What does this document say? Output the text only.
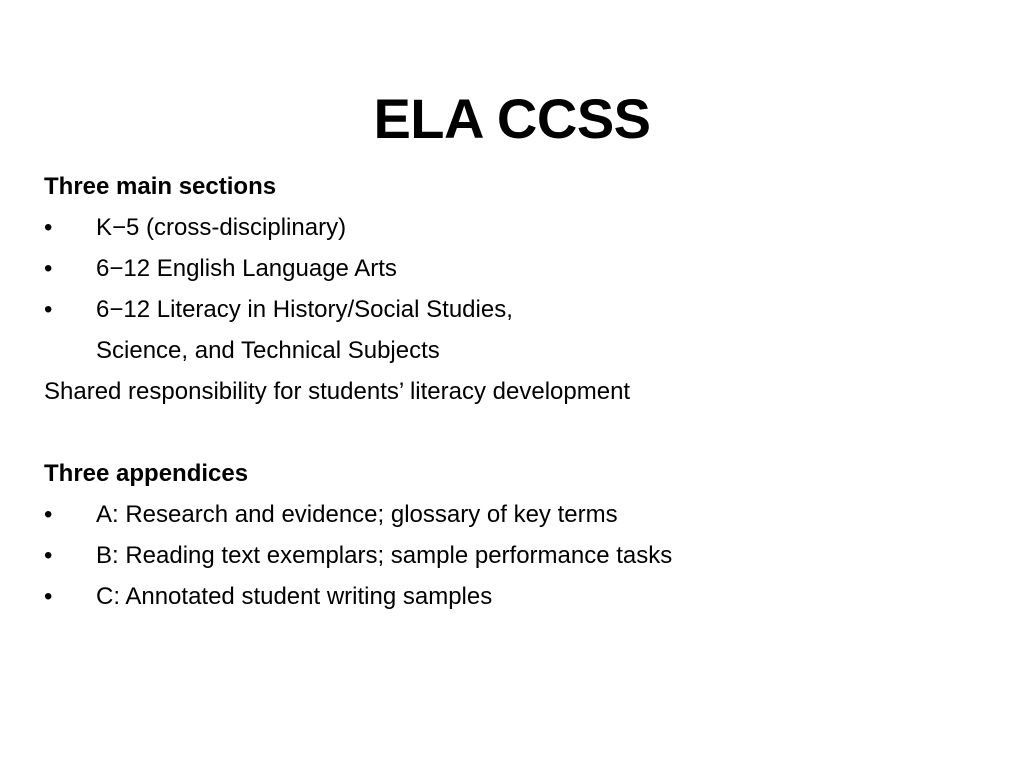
ELA CCSS
Three main sections
• K−5 (cross-disciplinary)
• 6−12 English Language Arts
• 6−12 Literacy in History/Social Studies,
Science, and Technical Subjects
Shared responsibility for students’ literacy development
Three appendices
• A: Research and evidence; glossary of key terms
• B: Reading text exemplars; sample performance tasks
• C: Annotated student writing samples
